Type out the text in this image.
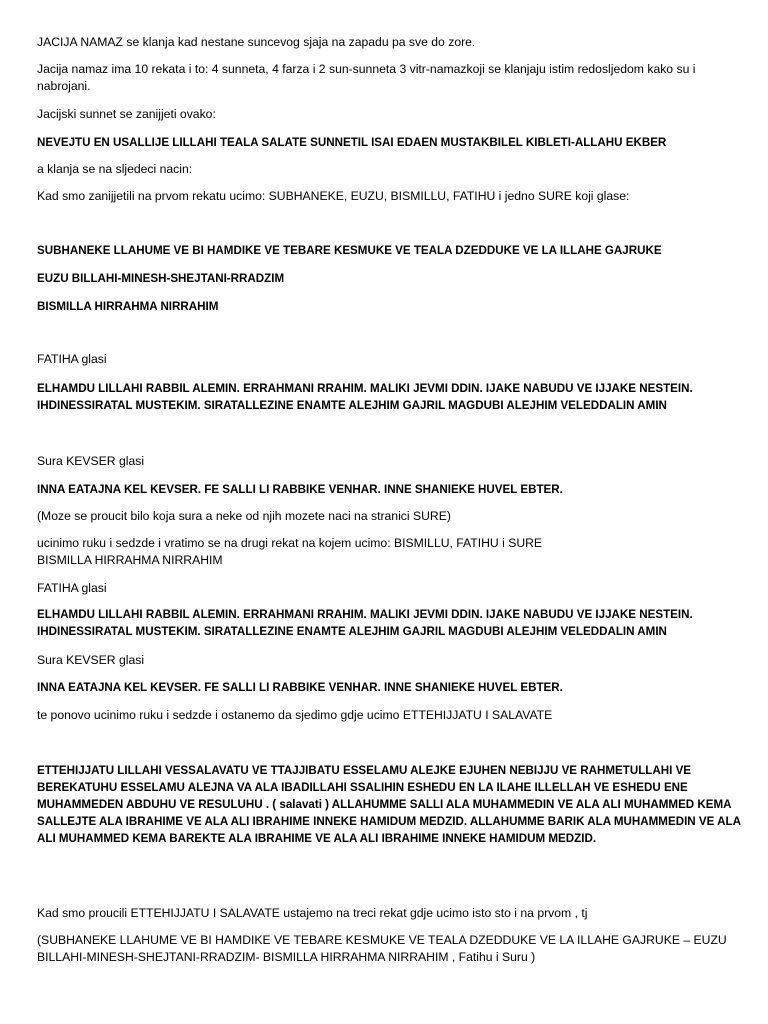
JACIJA NAMAZ se klanja kad nestane suncevog sjaja na zapadu pa sve do zore.
Jacija namaz ima 10 rekata i to: 4 sunneta, 4 farza i 2 sun-sunneta 3 vitr-namazkoji se klanjaju istim redosljedom kako su i nabrojani.
Jacijski sunnet se zanijjeti ovako:
NEVEJTU EN USALLIJE LILLAHI TEALA SALATE SUNNETIL ISAI EDAEN MUSTAKBILEL KIBLETI-ALLAHU EKBER
a klanja se na sljedeci nacin:
Kad smo zanijjetili na prvom rekatu ucimo: SUBHANEKE, EUZU, BISMILLU, FATIHU i jedno SURE koji glase:
SUBHANEKE LLAHUME VE BI HAMDIKE VE TEBARE KESMUKE VE TEALA DZEDDUKE VE LA ILLAHE GAJRUKE
EUZU BILLAHI-MINESH-SHEJTANI-RRADZIM
BISMILLA HIRRAHMA NIRRAHIM
FATIHA glasi
ELHAMDU LILLAHI RABBIL ALEMIN. ERRAHMANI RRAHIM. MALIKI JEVMI DDIN. IJAKE NABUDU VE IJJAKE NESTEIN. IHDINESSIRATAL MUSTEKIM. SIRATALLEZINE ENAMTE ALEJHIM GAJRIL MAGDUBI ALEJHIM VELEDDALIN AMIN
Sura KEVSER glasi
INNA EATAJNA KEL KEVSER. FE SALLI LI RABBIKE VENHAR. INNE SHANIEKE HUVEL EBTER.
(Moze se proucit bilo koja sura a neke od njih mozete naci na stranici SURE)
ucinimo ruku i sedzde i vratimo se na drugi rekat na kojem ucimo: BISMILLU, FATIHU i SURE
BISMILLA HIRRAHMA NIRRAHIM
FATIHA glasi
ELHAMDU LILLAHI RABBIL ALEMIN. ERRAHMANI RRAHIM. MALIKI JEVMI DDIN. IJAKE NABUDU VE IJJAKE NESTEIN. IHDINESSIRATAL MUSTEKIM. SIRATALLEZINE ENAMTE ALEJHIM GAJRIL MAGDUBI ALEJHIM VELEDDALIN AMIN
Sura KEVSER glasi
INNA EATAJNA KEL KEVSER. FE SALLI LI RABBIKE VENHAR. INNE SHANIEKE HUVEL EBTER.
te ponovo ucinimo ruku i sedzde i ostanemo da sjedimo gdje ucimo ETTEHIJJATU I SALAVATE
ETTEHIJJATU LILLAHI VESSALAVATU VE TTAJJIBATU ESSELAMU ALEJKE EJUHEN NEBIJJU VE RAHMETULLAHI VE BEREKATUHU ESSELAMU ALEJNA VA ALA IBADILLAHI SSALIHIN ESHEDU EN LA ILAHE ILLELLAH VE ESHEDU ENE MUHAMMEDEN ABDUHU VE RESULUHU . ( salavati ) ALLAHUMME SALLI ALA MUHAMMEDIN VE ALA ALI MUHAMMED KEMA SALLEJTE ALA IBRAHIME VE ALA ALI IBRAHIME INNEKE HAMIDUM MEDZID. ALLAHUMME BARIK ALA MUHAMMEDIN VE ALA ALI MUHAMMED KEMA BAREKTE ALA IBRAHIME VE ALA ALI IBRAHIME INNEKE HAMIDUM MEDZID.
Kad smo proucili ETTEHIJJATU I SALAVATE ustajemo na treci rekat gdje ucimo isto sto i na prvom , tj
(SUBHANEKE LLAHUME VE BI HAMDIKE VE TEBARE KESMUKE VE TEALA DZEDDUKE VE LA ILLAHE GAJRUKE – EUZU BILLAHI-MINESH-SHEJTANI-RRADZIM- BISMILLA HIRRAHMA NIRRAHIM , Fatihu i Suru )
